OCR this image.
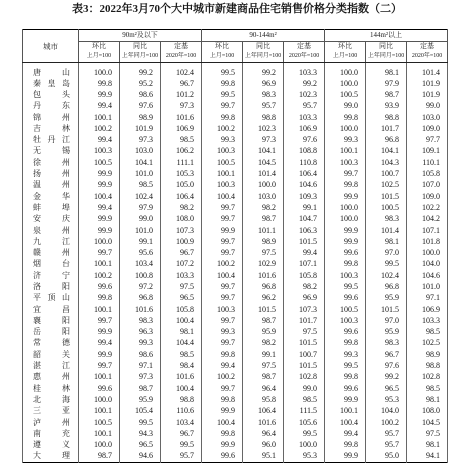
表3：2022年3月70个大中城市新建商品住宅销售价格分类指数（二）
城市	90m²及以下			90-144m²			144m²以上		
	环比	同比	定基	环比	同比	定基	环比	同比	定基
	上月=100	上年同月=100	2020年=100	上月=100	上年同月=100	2020年=100	上月=100	上年同月=100	2020年=100
唐山	100.0	99.2	102.4	99.5	99.2	103.3	100.0	98.1	101.4
秦皇岛	99.8	95.2	96.7	99.8	96.9	99.2	100.0	97.9	101.9
包头	99.9	98.6	101.2	99.5	98.3	102.3	100.5	98.7	101.9
丹东	99.4	97.6	97.3	99.7	95.7	95.7	99.0	93.9	99.0
锦州	100.1	98.9	101.6	99.8	98.8	103.3	99.8	98.8	103.0
吉林	100.2	101.9	106.9	100.2	102.3	106.9	100.0	101.7	109.0
牡丹江	99.4	97.3	98.5	99.3	97.3	97.6	99.3	96.8	97.7
无锡	100.3	103.0	106.2	100.3	104.1	108.8	100.1	104.1	109.1
徐州	100.5	104.1	111.1	100.5	104.5	110.8	100.3	104.3	110.1
扬州	99.9	101.0	105.3	100.1	101.4	106.4	99.7	100.7	105.8
温州	99.9	98.5	105.0	100.3	100.0	104.6	99.8	102.5	107.0
金华	100.4	102.4	106.4	100.4	103.0	109.3	99.9	101.5	109.0
蚌埠	99.4	97.9	98.2	99.7	98.2	99.1	100.0	100.5	102.2
安庆	99.9	99.0	108.0	99.7	98.7	104.7	100.0	98.3	104.2
泉州	99.9	101.0	107.3	99.9	101.1	106.3	99.9	101.4	107.1
九江	100.0	99.1	100.9	99.7	98.9	101.5	99.9	98.1	101.8
赣州	99.7	95.6	96.7	99.7	97.5	99.4	99.6	97.0	100.0
烟台	100.1	103.4	107.2	100.2	102.9	107.1	99.8	99.5	104.0
济宁	100.2	100.8	103.3	100.4	101.6	105.8	100.3	102.4	104.6
洛阳	99.6	97.2	97.5	99.7	96.8	98.2	99.5	96.8	101.0
平顶山	99.8	96.8	96.5	99.7	96.2	96.9	99.6	95.9	97.1
宜昌	100.1	101.6	105.8	100.3	101.5	107.3	100.5	101.5	106.9
襄阳	99.7	98.3	100.4	99.7	98.7	101.7	100.3	97.0	103.3
岳阳	99.9	96.3	98.1	99.3	95.9	97.5	99.6	95.9	98.5
常德	99.4	99.3	104.4	99.7	98.2	101.5	99.8	98.3	102.5
韶关	99.9	98.6	98.5	99.8	99.1	100.7	99.3	96.7	98.9
湛江	99.7	97.1	98.4	99.4	97.5	101.5	99.5	97.6	98.8
惠州	100.1	97.3	101.6	100.2	98.7	102.8	99.8	99.2	102.8
桂林	99.6	98.7	100.4	99.7	96.4	99.0	99.6	96.5	98.5
北海	100.0	95.9	98.8	99.8	95.8	98.5	99.9	95.3	98.1
三亚	100.1	105.4	110.6	99.9	106.4	111.5	100.1	104.0	108.0
泸州	100.5	99.5	103.4	100.4	101.6	105.6	100.4	100.2	104.5
南充	100.1	94.3	96.7	99.8	96.4	99.5	99.4	95.7	97.5
遵义	100.0	96.5	99.5	99.9	96.0	100.0	99.8	95.7	98.1
大理	98.7	94.6	95.7	99.6	95.1	95.3	99.9	95.0	94.1
